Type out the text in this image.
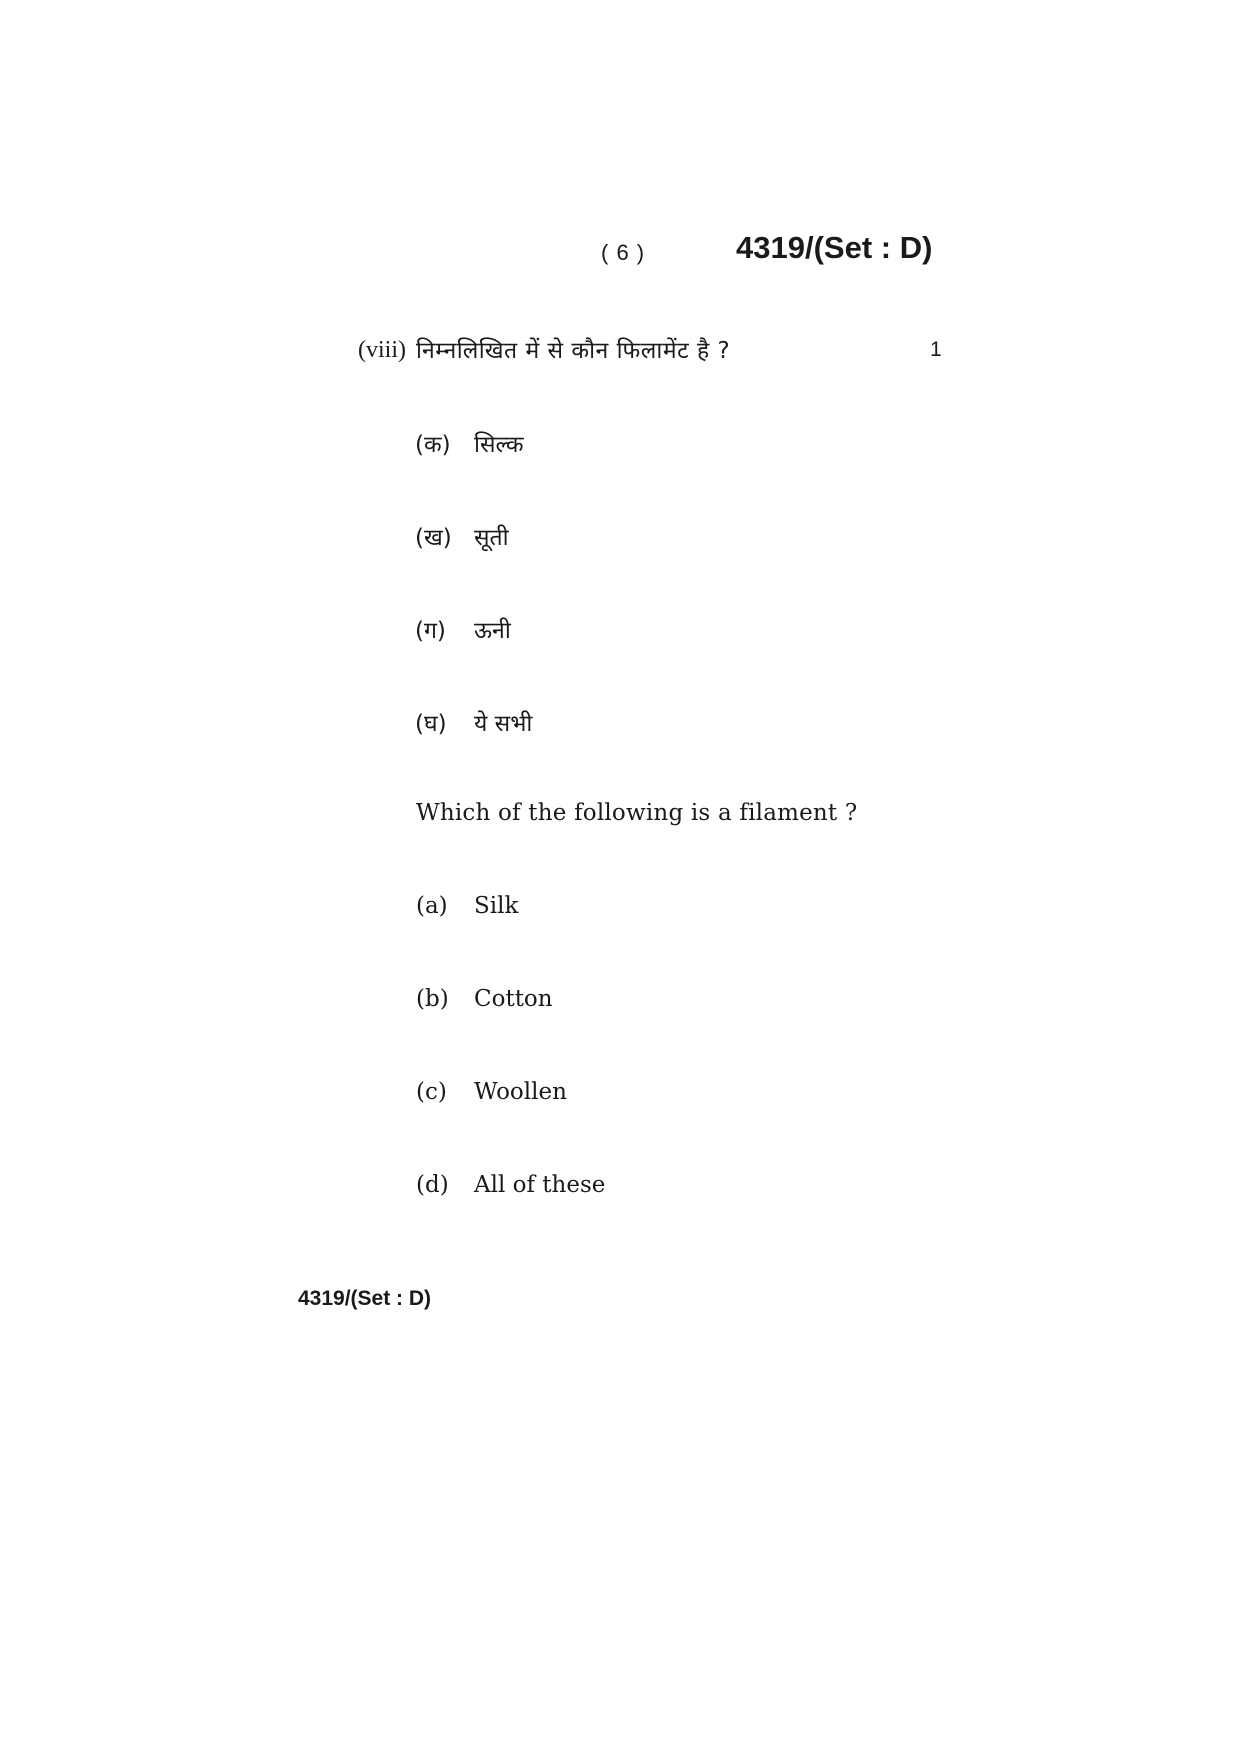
( 6 )	4319/(Set : D)
(viii) निम्नलिखित में से कौन फिलामेंट है ?	1
(क) सिल्क
(ख) सूती
(ग) ऊनी
(घ) ये सभी
Which of the following is a filament ?
(a) Silk
(b) Cotton
(c) Woollen
(d) All of these
4319/(Set : D)
